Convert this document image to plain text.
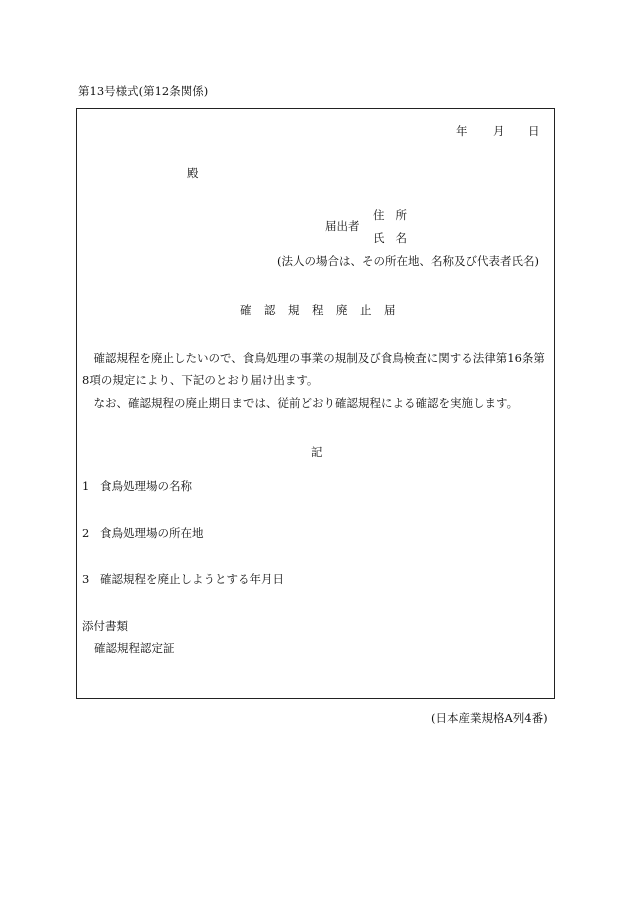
第13号様式(第12条関係)
年 月 日
殿
届出者
住所
氏名
(法人の場合は、その所在地、名称及び代表者氏名)
確認規程廃止届
　確認規程を廃止したいので、食鳥処理の事業の規制及び食鳥検査に関する法律第16条第
8項の規定により、下記のとおり届け出ます。
　なお、確認規程の廃止期日までは、従前どおり確認規程による確認を実施します。
記
1 食鳥処理場の名称
2 食鳥処理場の所在地
3 確認規程を廃止しようとする年月日
添付書類
確認規程認定証
(日本産業規格A列4番)
